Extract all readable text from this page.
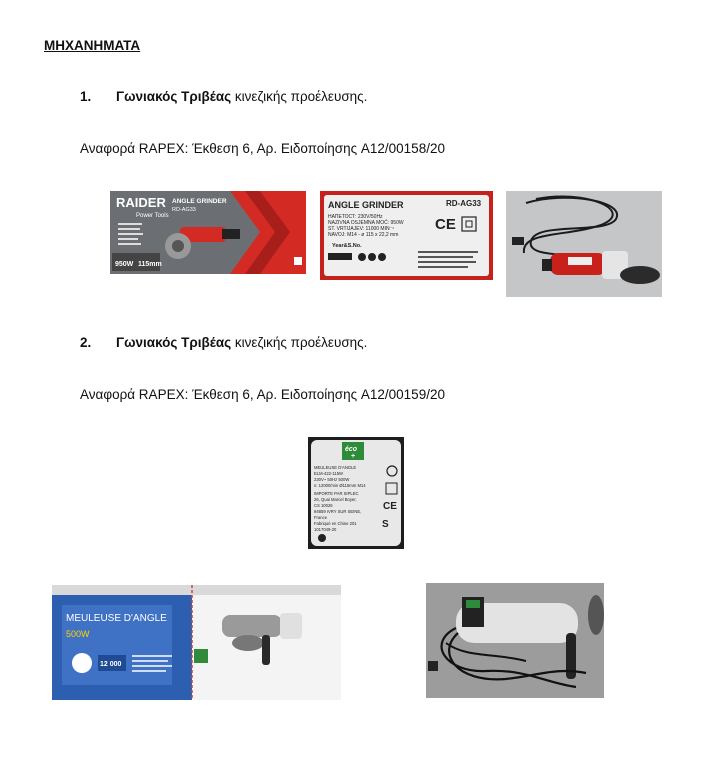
ΜΗΧΑΝΗΜΑΤΑ
1. Γωνιακός Τριβέας κινεζικής προέλευσης.
Αναφορά RAPEX: Έκθεση 6, Αρ. Ειδοποίησης A12/00158/20
RAIDER
Power Tools
ANGLE GRINDER
RD-AG33
950W 115mm
ANGLE GRINDER	RD-AG33
НАПЕТОСТ: 230V/50Hz
NAZIVNA OSJEMNA MOĆ: 950W
ST. VRTIJAJEV: 11000 MIN⁻¹
NAVOJ: M14 - ø 115 x 22,2 mm
CE
Year&S.No.
2. Γωνιακός Τριβέας κινεζικής προέλευσης.
Αναφορά RAPEX: Έκθεση 6, Αρ. Ειδοποίησης A12/00159/20
éco
+
MEULEUSE D'ANGLE
ELM-422-115W
230V~ 50Hz 500W
n: 12000/min Ø115mm M14
IMPORTE PAR SIPLEC
26, Quai Marcel Boyer,
CS 10026
94859 IVRY SUR SEINE,
France
Fabriqué en Chine 201
1017049-20
CE
S
MEULEUSE D'ANGLE
500W
12 000
